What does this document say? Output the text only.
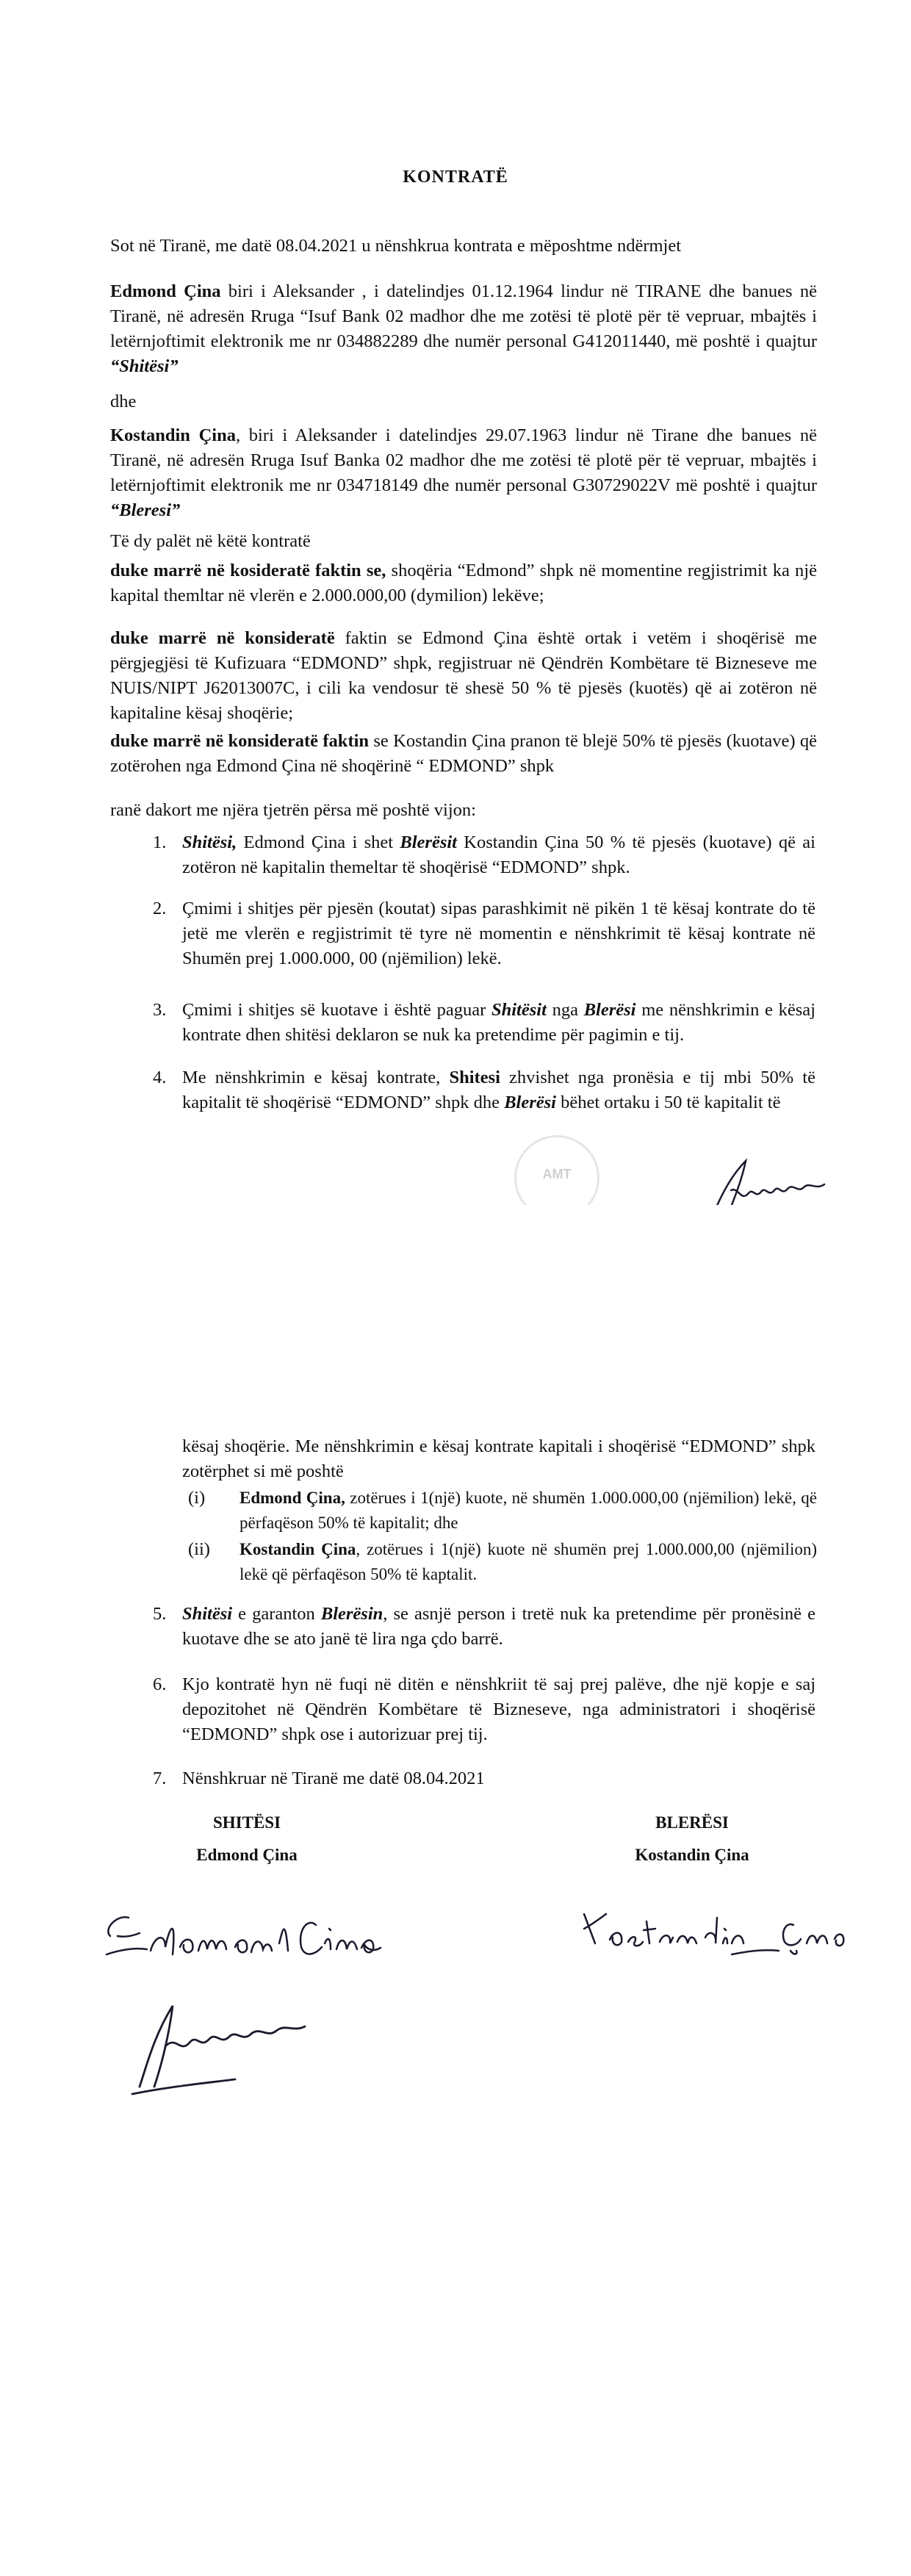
KONTRATË
Sot në Tiranë, me datë 08.04.2021 u nënshkrua kontrata e mëposhtme ndërmjet
Edmond Çina biri i Aleksander , i datelindjes 01.12.1964 lindur në TIRANE dhe banues në Tiranë, në adresën Rruga “Isuf Bank 02 madhor dhe me zotësi të plotë për të vepruar, mbajtës i letërnjoftimit elektronik me nr 034882289 dhe numër personal G412011440, më poshtë i quajtur “Shitësi”
dhe
Kostandin Çina, biri i Aleksander i datelindjes 29.07.1963 lindur në Tirane dhe banues në Tiranë, në adresën Rruga Isuf Banka 02 madhor dhe me zotësi të plotë për të vepruar, mbajtës i letërnjoftimit elektronik me nr 034718149 dhe numër personal G30729022V më poshtë i quajtur “Bleresi”
Të dy palët në këtë kontratë
duke marrë në kosideratë faktin se, shoqëria “Edmond” shpk në momentine regjistrimit ka një kapital themltar në vlerën e 2.000.000,00 (dymilion) lekëve;
duke marrë në konsideratë faktin se Edmond Çina është ortak i vetëm i shoqërisë me përgjegjësi të Kufizuara “EDMOND” shpk, regjistruar në Qëndrën Kombëtare të Bizneseve me NUIS/NIPT J62013007C, i cili ka vendosur të shesë 50 % të pjesës (kuotës) që ai zotëron në kapitaline kësaj shoqërie;
duke marrë në konsideratë faktin se Kostandin Çina pranon të blejë 50% të pjesës (kuotave) që zotërohen nga Edmond Çina në shoqërinë “ EDMOND” shpk
ranë dakort me njëra tjetrën përsa më poshtë vijon:
1. Shitësi, Edmond Çina i shet Blerësit Kostandin Çina 50 % të pjesës (kuotave) që ai zotëron në kapitalin themeltar të shoqërisë “EDMOND” shpk.
2. Çmimi i shitjes për pjesën (koutat) sipas parashkimit në pikën 1 të kësaj kontrate do të jetë me vlerën e regjistrimit të tyre në momentin e nënshkrimit të kësaj kontrate në Shumën prej 1.000.000, 00 (njëmilion) lekë.
3. Çmimi i shitjes së kuotave i është paguar Shitësit nga Blerësi me nënshkrimin e kësaj kontrate dhen shitësi deklaron se nuk ka pretendime për pagimin e tij.
4. Me nënshkrimin e kësaj kontrate, Shitesi zhvishet nga pronësia e tij mbi 50% të kapitalit të shoqërisë “EDMOND” shpk dhe Blerësi bëhet ortaku i 50 të kapitalit të
AMT
kësaj shoqërie. Me nënshkrimin e kësaj kontrate kapitali i shoqërisë “EDMOND” shpk zotërphet si më poshtë
(i) Edmond Çina, zotërues i 1(një) kuote, në shumën 1.000.000,00 (njëmilion) lekë, që përfaqëson 50% të kapitalit; dhe
(ii) Kostandin Çina, zotërues i 1(një) kuote në shumën prej 1.000.000,00 (njëmilion) lekë që përfaqëson 50% të kaptalit.
5. Shitësi e garanton Blerësin, se asnjë person i tretë nuk ka pretendime për pronësinë e kuotave dhe se ato janë të lira nga çdo barrë.
6. Kjo kontratë hyn në fuqi në ditën e nënshkriit të saj prej palëve, dhe një kopje e saj depozitohet në Qëndrën Kombëtare të Bizneseve, nga administratori i shoqërisë “EDMOND” shpk ose i autorizuar prej tij.
7. Nënshkruar në Tiranë me datë 08.04.2021
SHITËSI
Edmond Çina
BLERËSI
Kostandin Çina
Edmond Çina	Kostandin Çina
